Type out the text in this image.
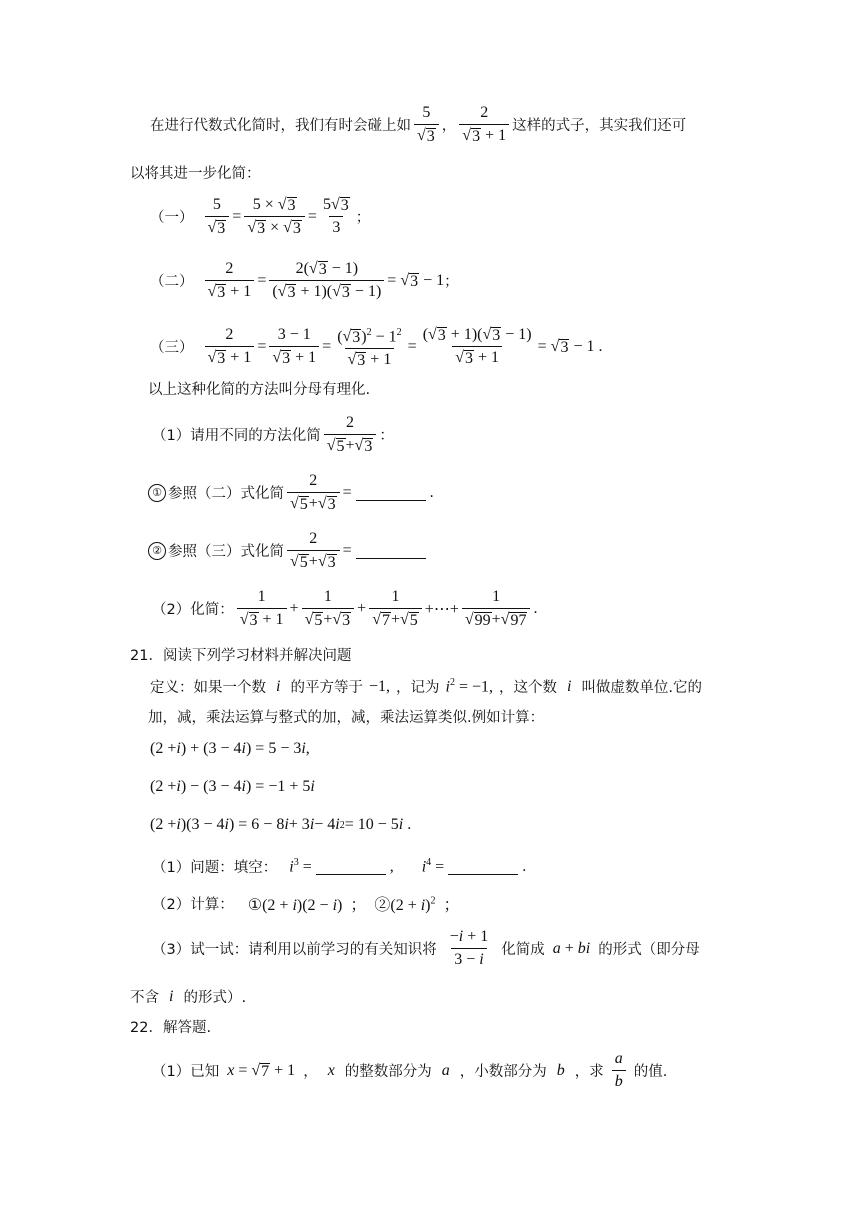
在进行代数式化简时，我们有时会碰上如 $\frac{5}{√ 3}$ ， $\frac{2}{√ 3 + 1}$ 这样的式子，其实我们还可
以将其进一步化简：
（一） $\frac{5}{√ 3} = \frac{5 \times √ 3}{√ 3 \times √ 3} = \frac{5 √ 3}{3}$ ；
（二） $\frac{2}{√ 3 + 1} = \frac{2( √ 3 - 1)}{( √ 3 + 1)( √ 3 - 1)}$ = √ 3 − 1 ；
（三） $\frac{2}{√ 3 + 1} = \frac{3 - 1}{√ 3 + 1} = \frac{( √ 3 )^2 - 1^2}{√ 3 + 1} = \frac{( √ 3 + 1)( √ 3 - 1)}{√ 3 + 1}$ = √ 3 − 1 .
以上这种化简的方法叫分母有理化.
（1）请用不同的方法化简 $\frac{2}{√ 5 + √ 3}$ ：
① 参照（二）式化简 $\frac{2}{√ 5 + √ 3}$ =	.
② 参照（三）式化简 $\frac{2}{√ 5 + √ 3}$ =
（2）化简： $\frac{1}{√ 3 + 1} + \frac{1}{√ 5 + √ 3} + \frac{1}{√ 7 + √ 5}$ +⋯+ $\frac{1}{√ 99 + √ 97}$ .
21．阅读下列学习材料并解决问题
定义：如果一个数 i 的平方等于 −1, ，记为 $i^2 = -1$, ，这个数 i 叫做虚数单位.它的
加，减，乘法运算与整式的加，减，乘法运算类似.例如计算：
(2 + i ) + (3 − 4 i ) = 5 − 3 i ,
(2 + i ) − (3 − 4 i ) = −1 + 5 i
(2 + i )(3 − 4 i ) = 6 − 8 i + 3 i − 4 i 2 = 10 − 5 i .
（1）问题：填空： $i^3$ =	, $i^4$ =	.
（2）计算： ①(2 + i)(2 − i)  ；  ②(2 + i)$^2$  ；
（3）试一试：请利用以前学习的有关知识将 $\frac{-i + 1}{3 - i}$ 化简成 a + bi 的形式（即分母
不含 i 的形式）.
22．解答题.
（1）已知 x = √ 7 + 1 ， x 的整数部分为 a ，小数部分为 b ，求 $\frac{a}{b}$ 的值.
